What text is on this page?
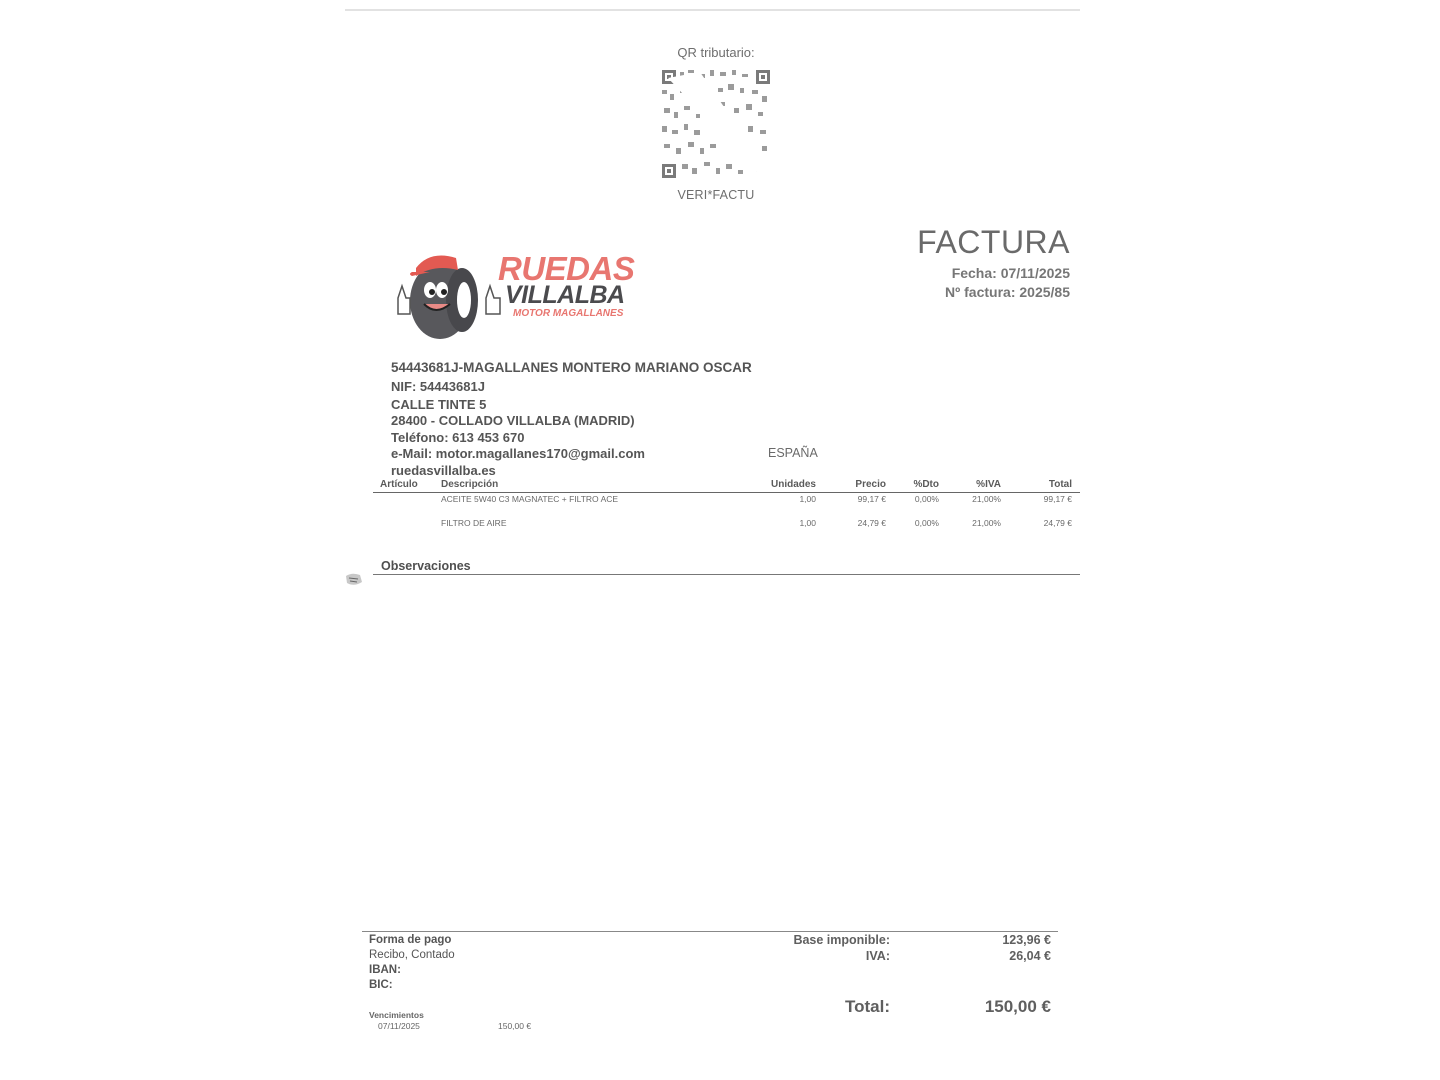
QR tributario:
VERI*FACTU
FACTURA
Fecha: 07/11/2025
Nº factura: 2025/85
RUEDAS
VILLALBA
MOTOR MAGALLANES
54443681J-MAGALLANES MONTERO MARIANO OSCAR
NIF: 54443681J
CALLE TINTE 5
28400 - COLLADO VILLALBA (MADRID)
Teléfono: 613 453 670
e-Mail: motor.magallanes170@gmail.com
ruedasvillalba.es
ESPAÑA
Artículo Descripción	Unidades	Precio	%Dto	%IVA	Total
ACEITE 5W40 C3 MAGNATEC + FILTRO ACE	1,00	99,17 €	0,00%	21,00%	99,17 €
FILTRO DE AIRE	1,00	24,79 €	0,00%	21,00%	24,79 €
Observaciones
Forma de pago
Recibo, Contado
IBAN:
BIC:
Vencimientos
07/11/2025	150,00 €
Base imponible:	123,96 €
IVA:	26,04 €
Total:	150,00 €
